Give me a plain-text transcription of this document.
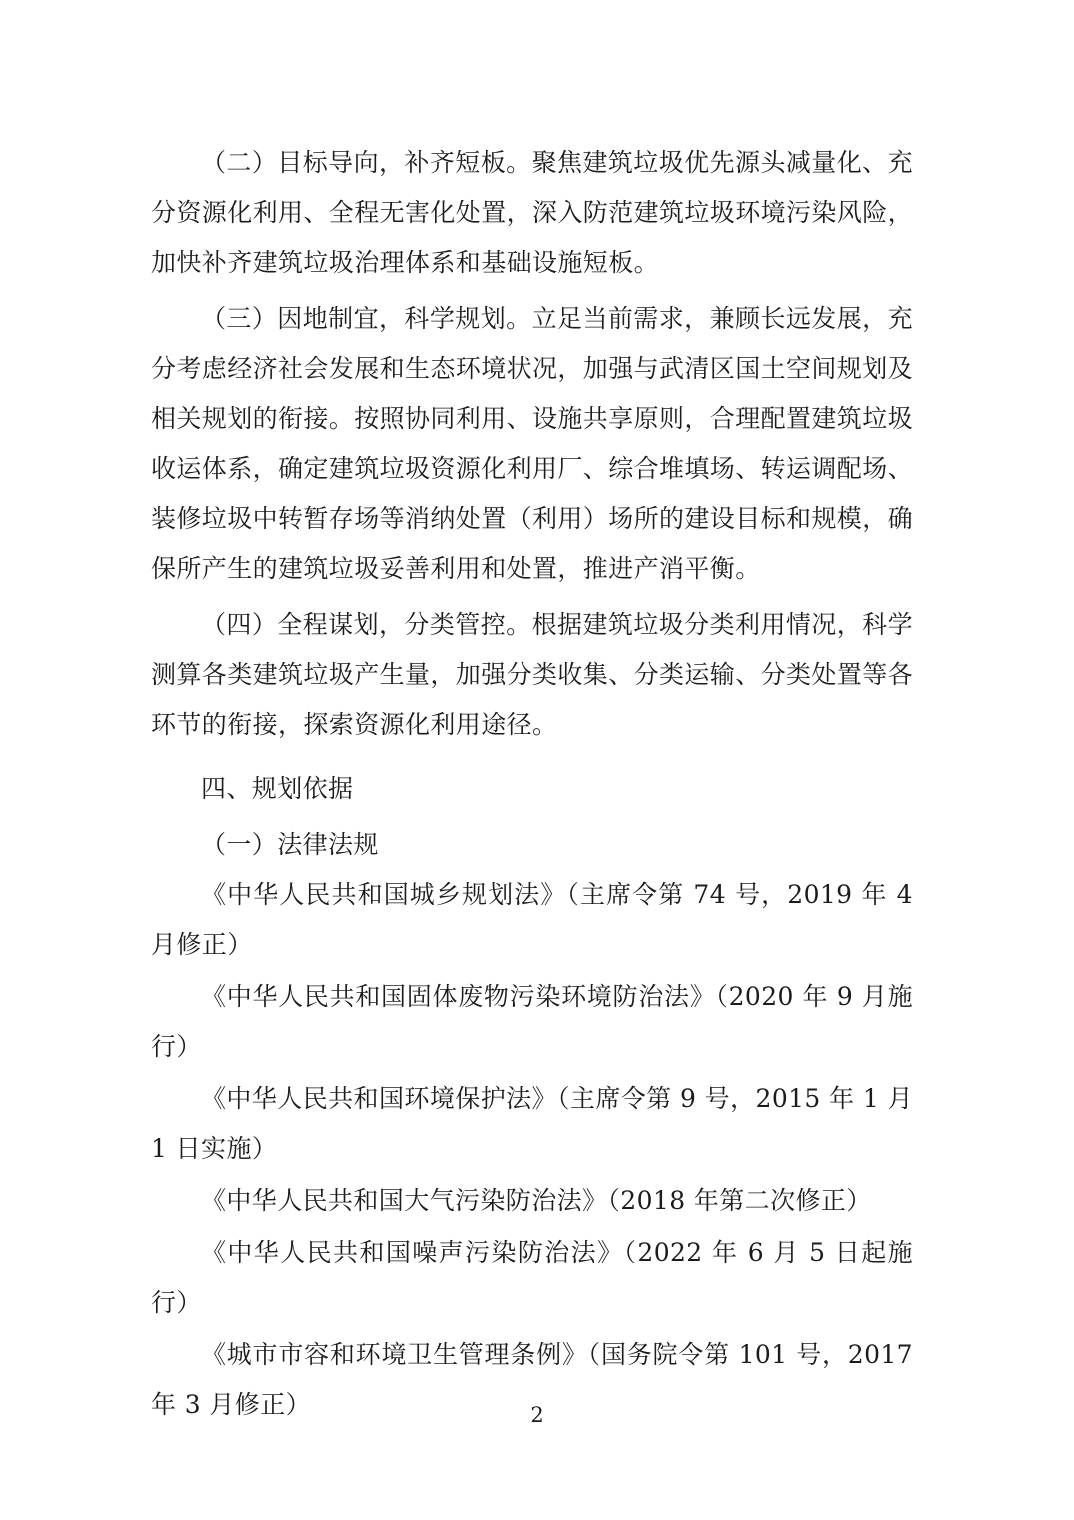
（二）目标导向，补齐短板。聚焦建筑垃圾优先源头减量化、充分资源化利用、全程无害化处置，深入防范建筑垃圾环境污染风险，加快补齐建筑垃圾治理体系和基础设施短板。

（三）因地制宜，科学规划。立足当前需求，兼顾长远发展，充分考虑经济社会发展和生态环境状况，加强与武清区国土空间规划及相关规划的衔接。按照协同利用、设施共享原则，合理配置建筑垃圾收运体系，确定建筑垃圾资源化利用厂、综合堆填场、转运调配场、装修垃圾中转暂存场等消纳处置（利用）场所的建设目标和规模，确保所产生的建筑垃圾妥善利用和处置，推进产消平衡。

（四）全程谋划，分类管控。根据建筑垃圾分类利用情况，科学测算各类建筑垃圾产生量，加强分类收集、分类运输、分类处置等各环节的衔接，探索资源化利用途径。

四、规划依据

（一）法律法规

《中华人民共和国城乡规划法》（主席令第 74 号，2019 年 4 月修正）

《中华人民共和国固体废物污染环境防治法》（2020 年 9 月施行）

《中华人民共和国环境保护法》（主席令第 9 号，2015 年 1 月 1 日实施）

《中华人民共和国大气污染防治法》（2018 年第二次修正）

《中华人民共和国噪声污染防治法》（2022 年 6 月 5 日起施行）

《城市市容和环境卫生管理条例》（国务院令第 101 号，2017 年 3 月修正）	2
